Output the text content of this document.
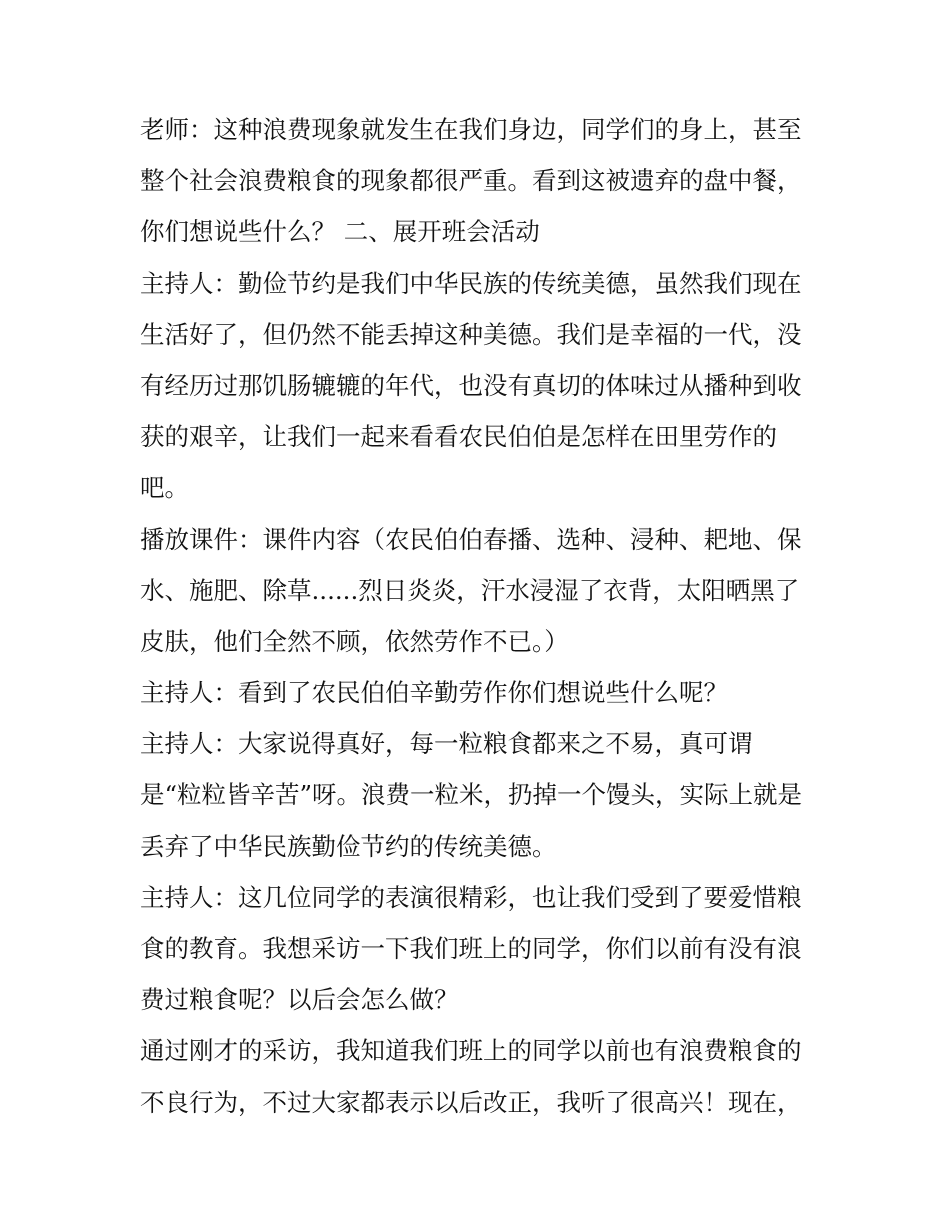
老师：这种浪费现象就发生在我们身边，同学们的身上，甚至
整个社会浪费粮食的现象都很严重。看到这被遗弃的盘中餐，
你们想说些什么？ 二、展开班会活动
主持人：勤俭节约是我们中华民族的传统美德，虽然我们现在
生活好了，但仍然不能丢掉这种美德。我们是幸福的一代，没
有经历过那饥肠辘辘的年代，也没有真切的体味过从播种到收
获的艰辛，让我们一起来看看农民伯伯是怎样在田里劳作的
吧。
播放课件：课件内容（农民伯伯春播、选种、浸种、耙地、保
水、施肥、除草......烈日炎炎，汗水浸湿了衣背，太阳晒黑了
皮肤，他们全然不顾，依然劳作不已。）
主持人：看到了农民伯伯辛勤劳作你们想说些什么呢？
主持人：大家说得真好，每一粒粮食都来之不易，真可谓
是“粒粒皆辛苦”呀。浪费一粒米，扔掉一个馒头，实际上就是
丢弃了中华民族勤俭节约的传统美德。
主持人：这几位同学的表演很精彩，也让我们受到了要爱惜粮
食的教育。我想采访一下我们班上的同学，你们以前有没有浪
费过粮食呢？以后会怎么做？
通过刚才的采访，我知道我们班上的同学以前也有浪费粮食的
不良行为，不过大家都表示以后改正，我听了很高兴！现在，
